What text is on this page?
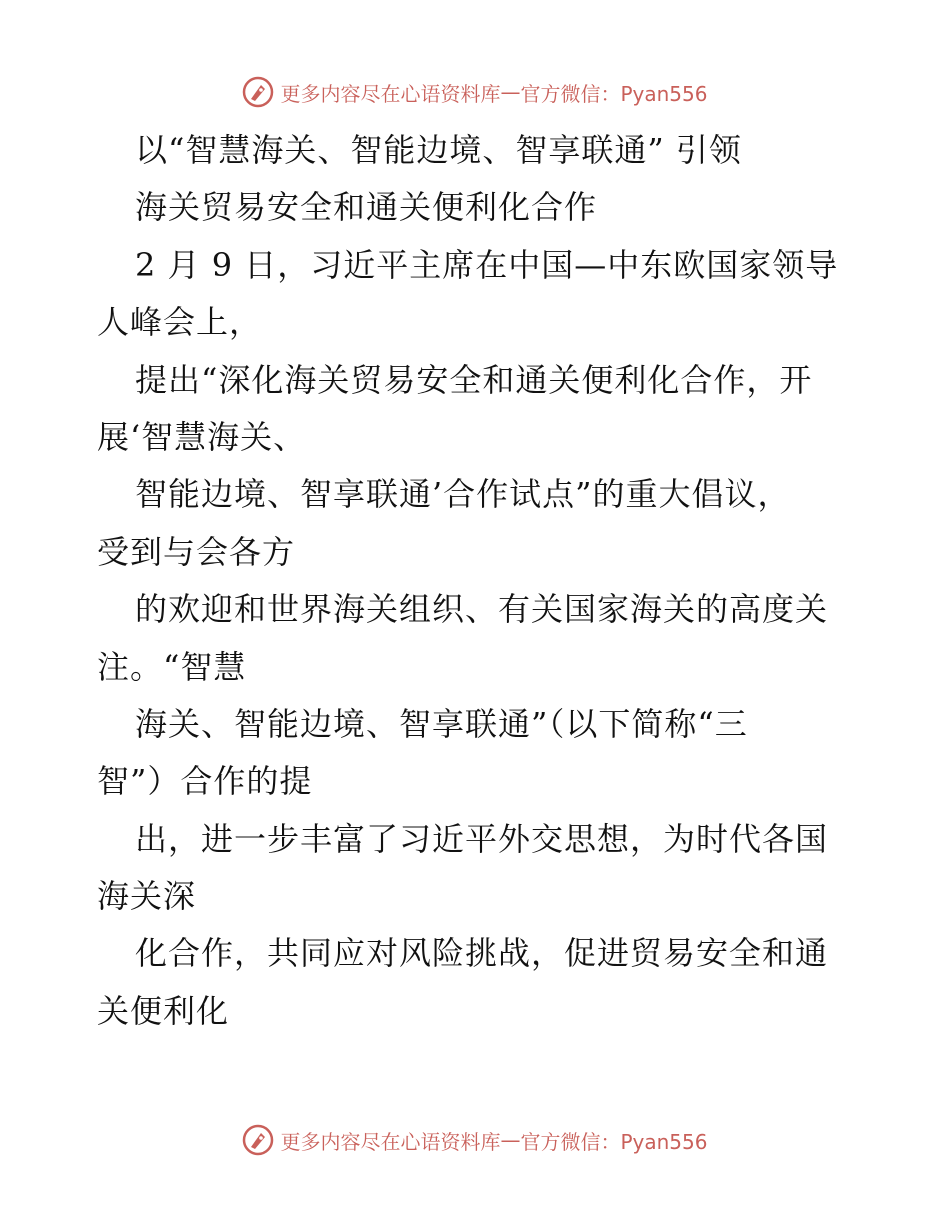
更多内容尽在心语资料库 — 官方微信：Pyan556
以“智慧海关、智能边境、智享联通” 引领
海关贸易安全和通关便利化合作
2 月 9 日，习近平主席在中国—中东欧国家领导
人峰会上，
提出“深化海关贸易安全和通关便利化合作，开
展‘智慧海关、
智能边境、智享联通’合作试点”的重大倡议，
受到与会各方
的欢迎和世界海关组织、有关国家海关的高度关
注。“智慧
海关、智能边境、智享联通”（以下简称“三
智”）合作的提
出，进一步丰富了习近平外交思想，为时代各国
海关深
化合作，共同应对风险挑战，促进贸易安全和通
关便利化
更多内容尽在心语资料库 — 官方微信：Pyan556
